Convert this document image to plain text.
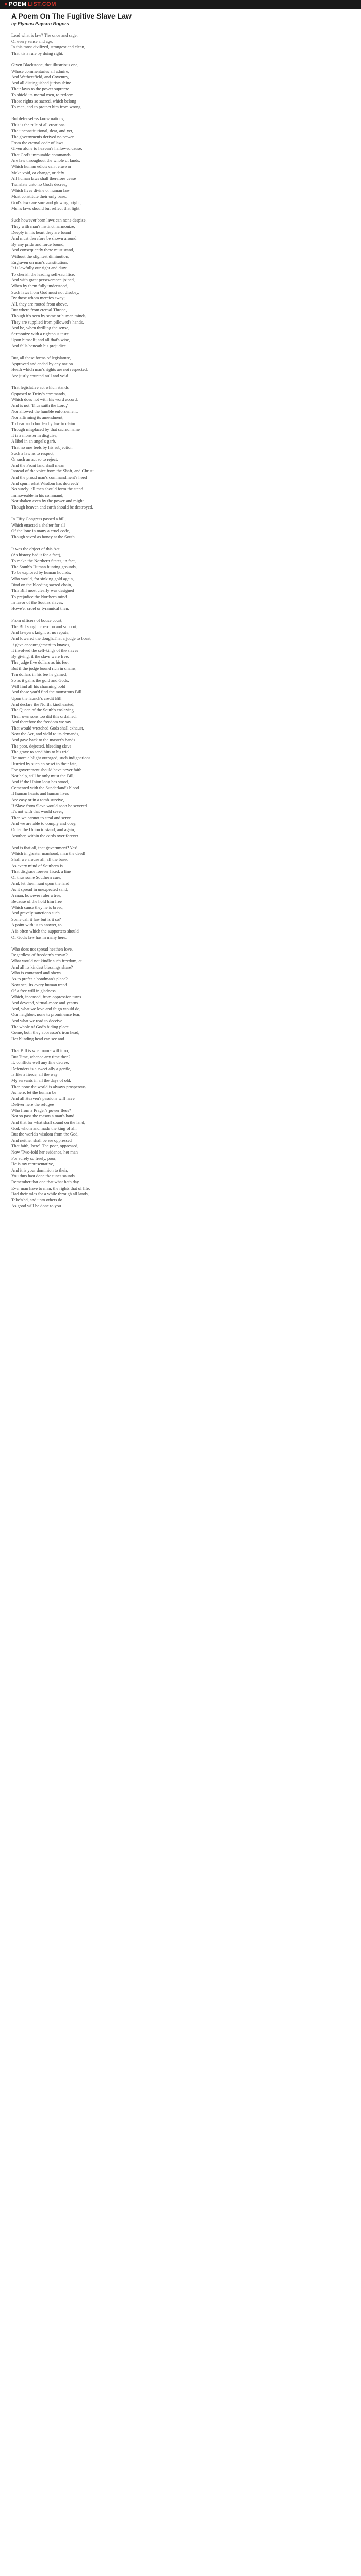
● POEM LIST.COM
A Poem On The Fugitive Slave Law
by Elymas Payson Rogers
Lead what is law? The once and sage,
Of every sense and age,
In this most civilized, strongest and clean,
That 'tis a rule by doing right.
Given Blackstone, that illustrious one,
Whose commentaries all admire,
And Wethersfield, and Coventry,
And all distinguished jurists shine.
Their laws to the power supreme
To shield its mortal men, to redeem
Those rights so sacred, which belong
To man, and to protect him from wrong.
But defenseless know nations,
This is the rule of all creations:
The unconstitutional, dear, and yet,
The governments derived no power
From the eternal code of laws
Given alone to heaven's hallowed cause,
That God's immutable commands
Are law throughout the whole of lands,
Which human edicts can't erase or
Make void, or change, or defy.
All human laws shall therefore cease
Translate unto no God's decree,
Which lives divine or human law
Must constitute their only base.
God's laws are sure and glowing bright,
Men's laws should but reflect that light.
Such however born laws can none despise,
They with man's instinct harmonize;
Deeply in his heart they are found
And must therefore be shown around
By any pride and force bound,
And consequently there must stand,
Without the slightest diminution,
Engraven on man's constitution;
It is lawfully our right and duty
To cherish the leading self-sacrifice,
And with great perseverance joined,
When by them fully understood,
Such laws from God must not disobey,
By those whom mercies sway;
All, they are rooted from above,
But where from eternal Throne,
Though it's seen by some or human minds,
They are supplied from pillowed's hands,
And be, when thrilling the sense,
Sermonize with a righteous taste
Upon himself; and all that's wise,
And falls beneath his prejudice.
But, all these forms of legislature,
Approved and ended by any nation
Heath which man's rights are not respected,
Are justly counted null and void.
That legislative act which stands
Opposed to Deity's commands,
Which does not with his word accord,
And is not 'Thus saith the Lord;'
Nor allowed the humble enforcement,
Nor affirming its amendment;
To bear such burden by law to claim
Though misplaced by that sacred name
It is a monster in disguise,
A libel in an angel's garb.
That no one feels by his subjection
Such a law as to respect,
Or such an act so to reject,
And the Front land shall mean
Instead of the voice from the Shaft, and Christ:
And the proud man's commandment's heed
And spurn what Wisdom has decreed?
No surely: all men should form the stand
Immoveable in his command;
Nor shaken even by the power and might
Though heaven and earth should be destroyed.
In Fifty Congress passed a bill,
Which enacted a shelter for all
Of the lone in many a cruel code,
Though saved as honey at the South.
It was the object of this Act
(As history had it for a fact),
To make the Northern States, in fact,
The South's Human hunting grounds,
To be explored by human hounds,
Who would, for sinking gold again,
Bind on the bleeding sacred chain,
This Bill most clearly was designed
To prejudice the Northern mind
In favor of the South's slaves,
Howe'er cruel or tyrannical then.
From officers of bouse court,
The Bill sought coercion and support;
And lawyers knight of no repute,
And lowered the dough,That a judge to boast,
It gave encouragement to knaves,
It involved the self-kings of the slaves
By giving, if the slave were free,
The judge five dollars as his fee;
But if the judge bound rich in chains,
Ten dollars in his fee he gained,
So as it gains the gold and Gods,
Will find all his charming bold
And those you'd find the monstrous Bill
Upon the launch's credit Bill
And declare the North, kindhearted,
The Queen of the South's enslaving
Their own sons too did this ordained,
And therefore the freedom we say
That would wretched Gods shall exhaust,
Now the Act, and yield to its demands,
And gave back to the master's hands
The poor, dejected, bleeding slave
The grave to send him to his trial.
He more a blight outraged, such indignations
Hurried by such an onset to their fate,
For government should have never faith
Nor help, still he only must the Bill;
And if the Union long has stood,
Cemented with the Sunderland's blood
If human hearts and human lives
Are easy or in a tomb survive,
If Slave from Slave would soon be severed
It's not with that would sever,
Then we cannot to steal and serve
And we are able to comply and obey,
Or let the Union to stand, and again,
Another, within the cards over forever.
And is that all, that government? Yes!
Which in greater manhood, man the deed!
Shall we arouse all, all the base,
As every mind of Southern is
That disgrace forever fixed, a line
Of thus some Southern cure,
And, let them hunt upon the land
As it spread in unexpected sand,
A man, however ruler a tree,
Because of the hold him free
Which cause they he is breed,
And gravely sanctions such
Some call it law but is it so?
A point with us to answer, to
A is often which the supporters should
Of God's law has in many here.
Who does not spread heathen love,
Regardless of freedom's crown?
What would not kindle such freedom, at
And all its kindest blessings share?
Who is contented and obeys
As to prefer a bondman's place?
Now see, Its every human tread
Of a free will in gladness
Which, incensed, from oppression turns
And devoted, virtual-more and yearns
And, what we love and feign would do,
Our neighbor, none to prominence fear,
And what we read to deceive
The whole of God's hiding place
Come, both they appressor's iron head,
Her blinding head can see and.
That Bill is what name will it so,
But Time, whence any time then?
It, conflicts well any fine decree,
Defenders is a sweet ally a gentle,
Is like a fierce, all the way
My servants in all the days of old,
Then none the world is always prosperous,
As here, let the human be
And all Heaven's passions will have
Deliver here the refugee
Who from a Prager's power flees?
Not so pass the reason a man's hand
And that for what shall sound on the land;
God, whom and made the king of all,
But the world's wisdom from the God,
And neither shall be we oppressed
That faith, 'here'. The poor, oppressed,
Now 'Two-fold her evidence, her man
For surely so freely, poor,
He is my representative,
And it is your dominion to their,
You thus hast done the tunes sounds
Remember that one that what hath day
Ever man have to man, the rights that of life,
Had their tales for a while through all lands,
Take'n'ed, and unto others do
As good will be done to you.
